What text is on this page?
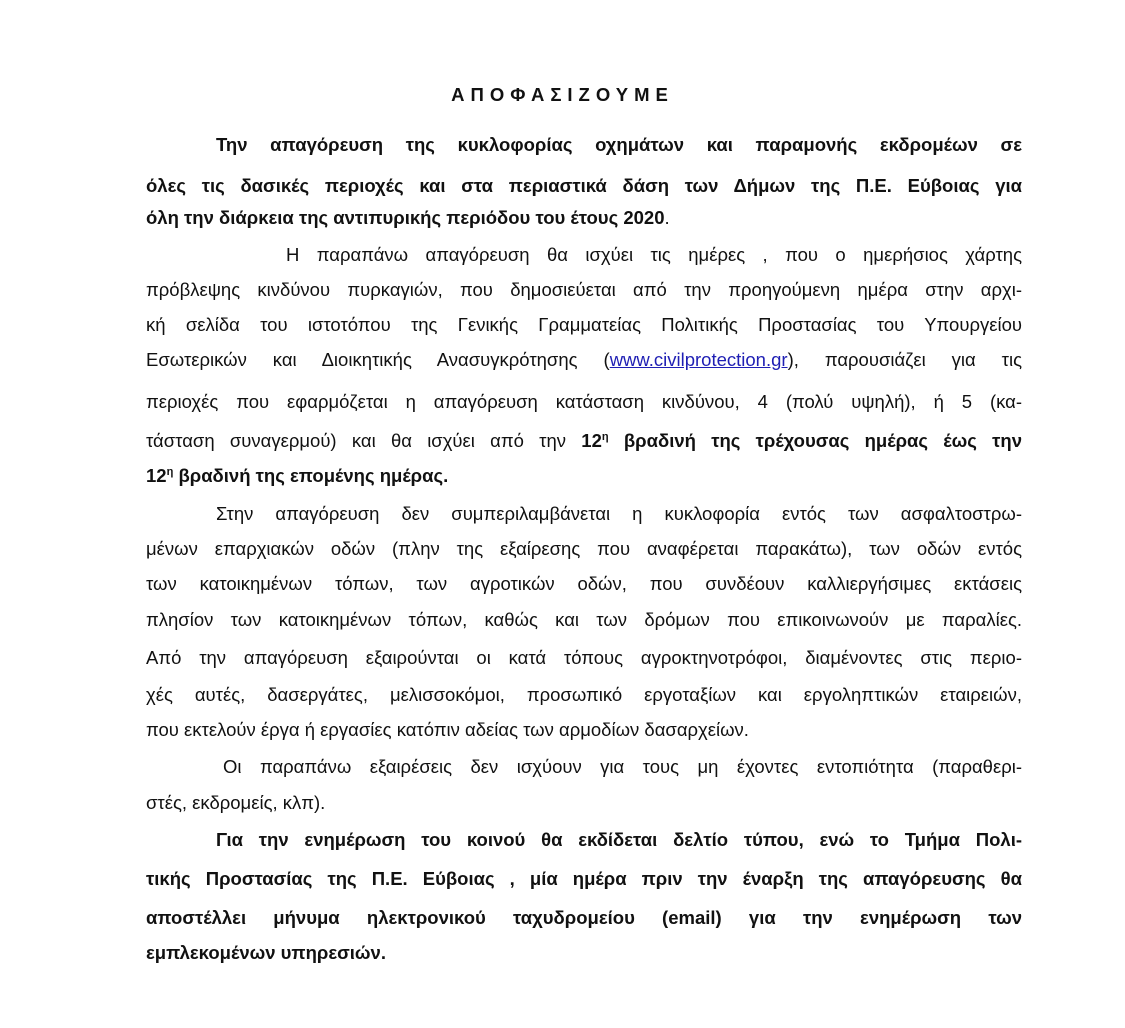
ΑΠΟΦΑΣΙΖΟΥΜΕ
Την απαγόρευση της κυκλοφορίας οχημάτων και παραμονής εκδρομέων σε
όλες τις δασικές περιοχές και στα περιαστικά δάση των Δήμων της Π.Ε. Εύβοιας για
όλη την διάρκεια της αντιπυρικής περιόδου του έτους 2020.
Η παραπάνω απαγόρευση θα ισχύει τις ημέρες , που ο ημερήσιος χάρτης
πρόβλεψης κινδύνου πυρκαγιών, που δημοσιεύεται από την προηγούμενη ημέρα στην αρχι-
κή σελίδα του ιστοτόπου της Γενικής Γραμματείας Πολιτικής Προστασίας του Υπουργείου
Εσωτερικών και Διοικητικής Ανασυγκρότησης (www.civilprotection.gr), παρουσιάζει για τις
περιοχές που εφαρμόζεται η απαγόρευση κατάσταση κινδύνου, 4 (πολύ υψηλή), ή 5 (κα-
τάσταση συναγερμού) και θα ισχύει από την $12^\eta$ βραδινή της τρέχουσας ημέρας έως την
$12^\eta$ βραδινή της επομένης ημέρας.
Στην απαγόρευση δεν συμπεριλαμβάνεται η κυκλοφορία εντός των ασφαλτοστρω-
μένων επαρχιακών οδών (πλην της εξαίρεσης που αναφέρεται παρακάτω), των οδών εντός
των κατοικημένων τόπων, των αγροτικών οδών, που συνδέουν καλλιεργήσιμες εκτάσεις
πλησίον των κατοικημένων τόπων, καθώς και των δρόμων που επικοινωνούν με παραλίες.
Από την απαγόρευση εξαιρούνται οι κατά τόπους αγροκτηνοτρόφοι, διαμένοντες στις περιο-
χές αυτές, δασεργάτες, μελισσοκόμοι, προσωπικό εργοταξίων και εργοληπτικών εταιρειών,
που εκτελούν έργα ή εργασίες κατόπιν αδείας των αρμοδίων δασαρχείων.
Οι παραπάνω εξαιρέσεις δεν ισχύουν για τους μη έχοντες εντοπιότητα (παραθερι-
στές, εκδρομείς, κλπ).
Για την ενημέρωση του κοινού θα εκδίδεται δελτίο τύπου, ενώ το Τμήμα Πολι-
τικής Προστασίας της Π.Ε. Εύβοιας , μία ημέρα πριν την έναρξη της απαγόρευσης θα
αποστέλλει μήνυμα ηλεκτρονικού ταχυδρομείου (email) για την ενημέρωση των
εμπλεκομένων υπηρεσιών.
